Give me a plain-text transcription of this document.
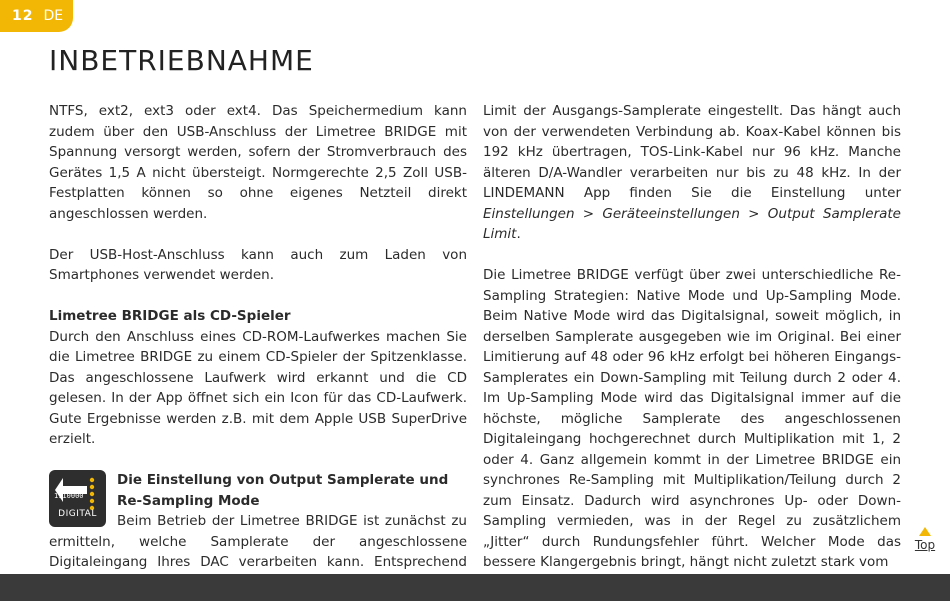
12 DE
INBETRIEBNAHME

NTFS, ext2, ext3 oder ext4. Das Speichermedium kann zudem über den USB-Anschluss der Limetree BRIDGE mit Spannung versorgt werden, sofern der Stromverbrauch des Gerätes 1,5 A nicht übersteigt. Normgerechte 2,5 Zoll USB-Festplatten können so ohne eigenes Netzteil direkt angeschlossen werden.

Der USB-Host-Anschluss kann auch zum Laden von Smartphones verwendet werden.

Limetree BRIDGE als CD-Spieler

Durch den Anschluss eines CD-ROM-Laufwerkes machen Sie die Limetree BRIDGE zu einem CD-Spieler der Spitzenklasse. Das angeschlossene Laufwerk wird erkannt und die CD gelesen. In der App öffnet sich ein Icon für das CD-Laufwerk. Gute Ergebnisse werden z.B. mit dem Apple USB SuperDrive erzielt.

1110000
DIGITAL

Die Einstellung von Output Samplerate und

Re-Sampling Mode

Beim Betrieb der Limetree BRIDGE ist zunächst zu ermitteln, welche Samplerate der angeschlossene Digitaleingang Ihres DAC verarbeiten kann. Entsprechend

Limit der Ausgangs-Samplerate eingestellt. Das hängt auch von der verwendeten Verbindung ab. Koax-Kabel können bis 192 kHz übertragen, TOS-Link-Kabel nur 96 kHz. Manche älteren D/A-Wandler verarbeiten nur bis zu 48 kHz. In der LINDEMANN App finden Sie die Einstellung unter Einstellungen > Geräteeinstellungen > Output Samplerate Limit.

Die Limetree BRIDGE verfügt über zwei unterschiedliche Re-Sampling Strategien: Native Mode und Up-Sampling Mode. Beim Native Mode wird das Digitalsignal, soweit möglich, in derselben Samplerate ausgegeben wie im Original. Bei einer Limitierung auf 48 oder 96 kHz erfolgt bei höheren Eingangs-Samplerates ein Down-Sampling mit Teilung durch 2 oder 4. Im Up-Sampling Mode wird das Digitalsignal immer auf die höchste, mögliche Samplerate des angeschlossenen Digitaleingang hochgerechnet durch Multiplikation mit 1, 2 oder 4. Ganz allgemein kommt in der Limetree BRIDGE ein synchrones Re-Sampling mit Multiplikation/Teilung durch 2 zum Einsatz. Dadurch wird asynchrones Up- oder Down-Sampling vermieden, was in der Regel zu zusätzlichem „Jitter“ durch Rundungsfehler führt. Welcher Mode das bessere Klangergebnis bringt, hängt nicht zuletzt stark vom

Top
